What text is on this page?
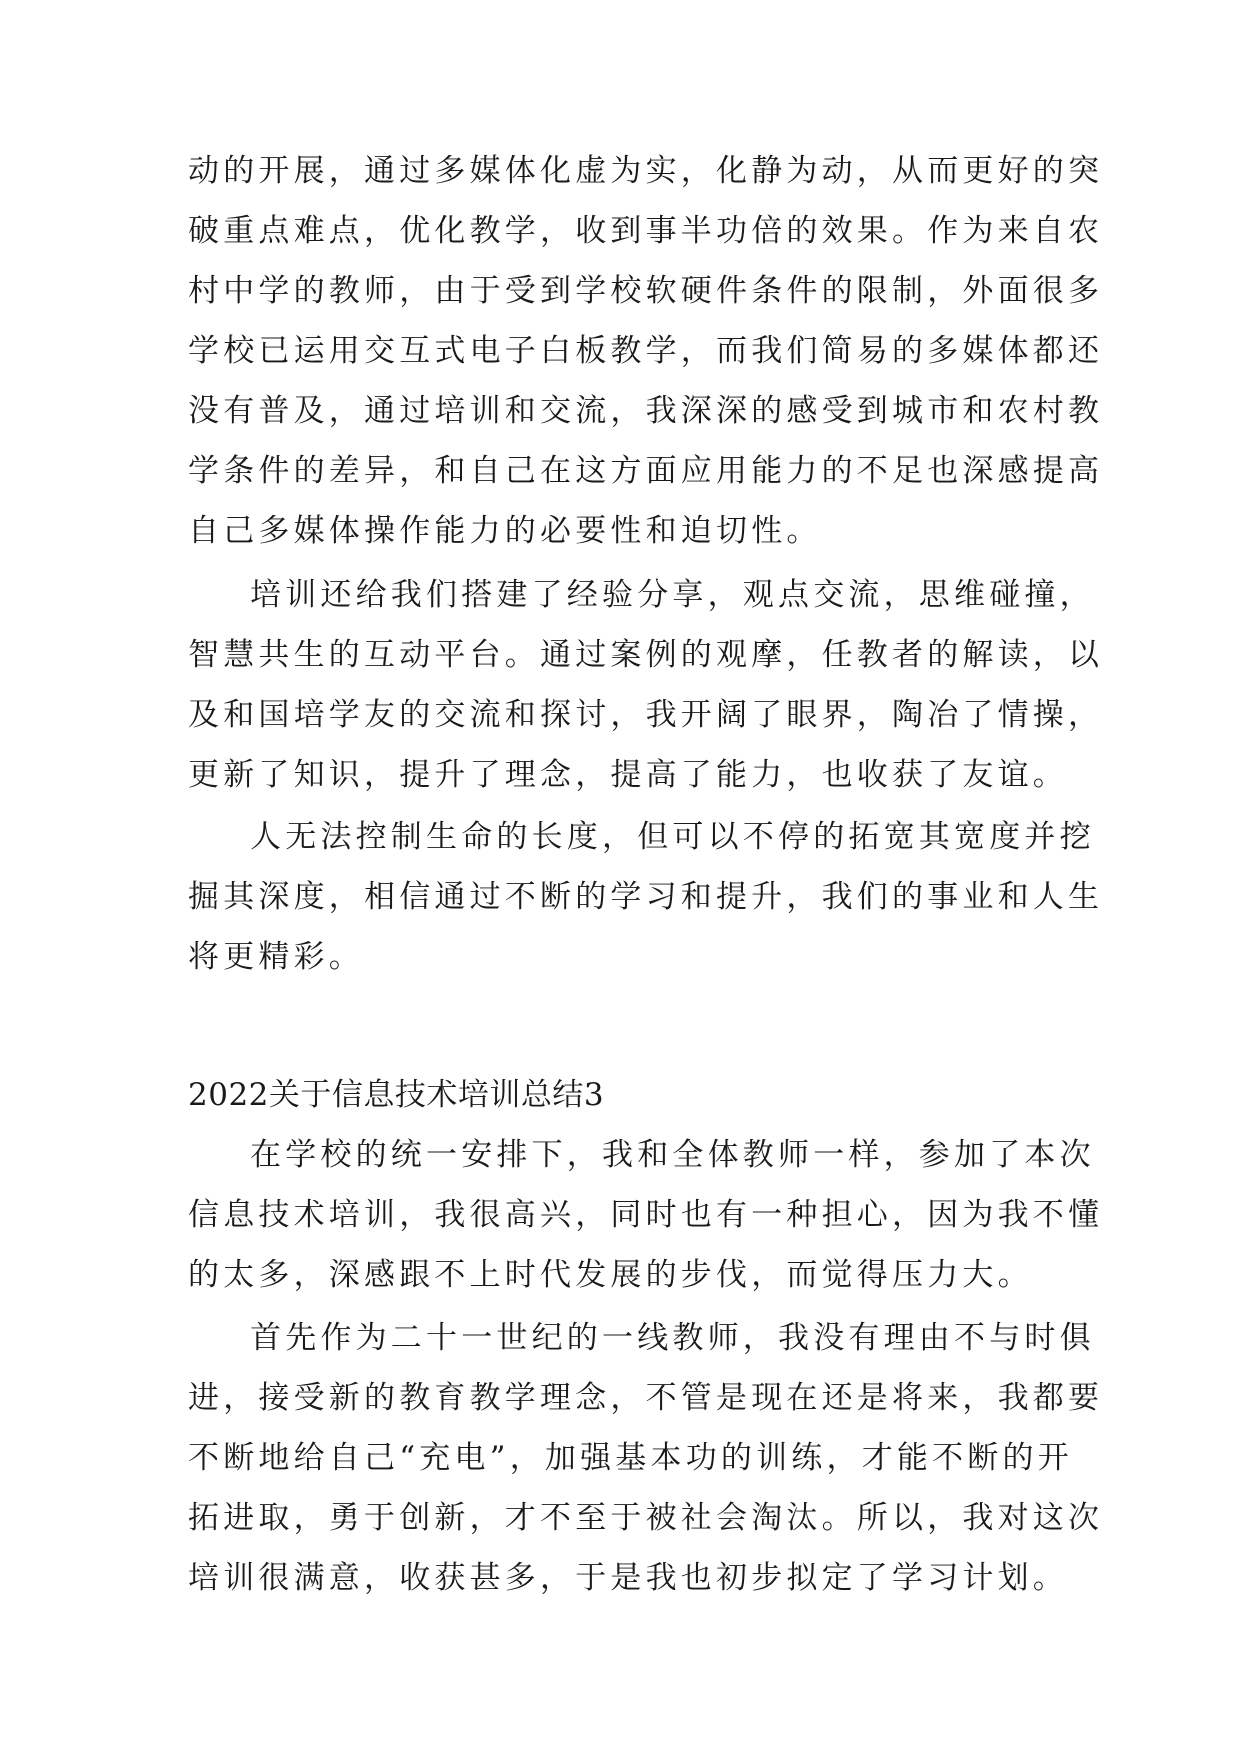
动的开展，通过多媒体化虚为实，化静为动，从而更好的突
破重点难点，优化教学，收到事半功倍的效果。作为来自农
村中学的教师，由于受到学校软硬件条件的限制，外面很多
学校已运用交互式电子白板教学，而我们简易的多媒体都还
没有普及，通过培训和交流，我深深的感受到城市和农村教
学条件的差异，和自己在这方面应用能力的不足也深感提高
自己多媒体操作能力的必要性和迫切性。
培训还给我们搭建了经验分享，观点交流，思维碰撞，
智慧共生的互动平台。通过案例的观摩，任教者的解读，以
及和国培学友的交流和探讨，我开阔了眼界，陶冶了情操，
更新了知识，提升了理念，提高了能力，也收获了友谊。
人无法控制生命的长度，但可以不停的拓宽其宽度并挖
掘其深度，相信通过不断的学习和提升，我们的事业和人生
将更精彩。
2022关于信息技术培训总结3
在学校的统一安排下，我和全体教师一样，参加了本次
信息技术培训，我很高兴，同时也有一种担心，因为我不懂
的太多，深感跟不上时代发展的步伐，而觉得压力大。
首先作为二十一世纪的一线教师，我没有理由不与时俱
进，接受新的教育教学理念，不管是现在还是将来，我都要
不断地给自己“充电”，加强基本功的训练，才能不断的开
拓进取，勇于创新，才不至于被社会淘汰。所以，我对这次
培训很满意，收获甚多，于是我也初步拟定了学习计划。
